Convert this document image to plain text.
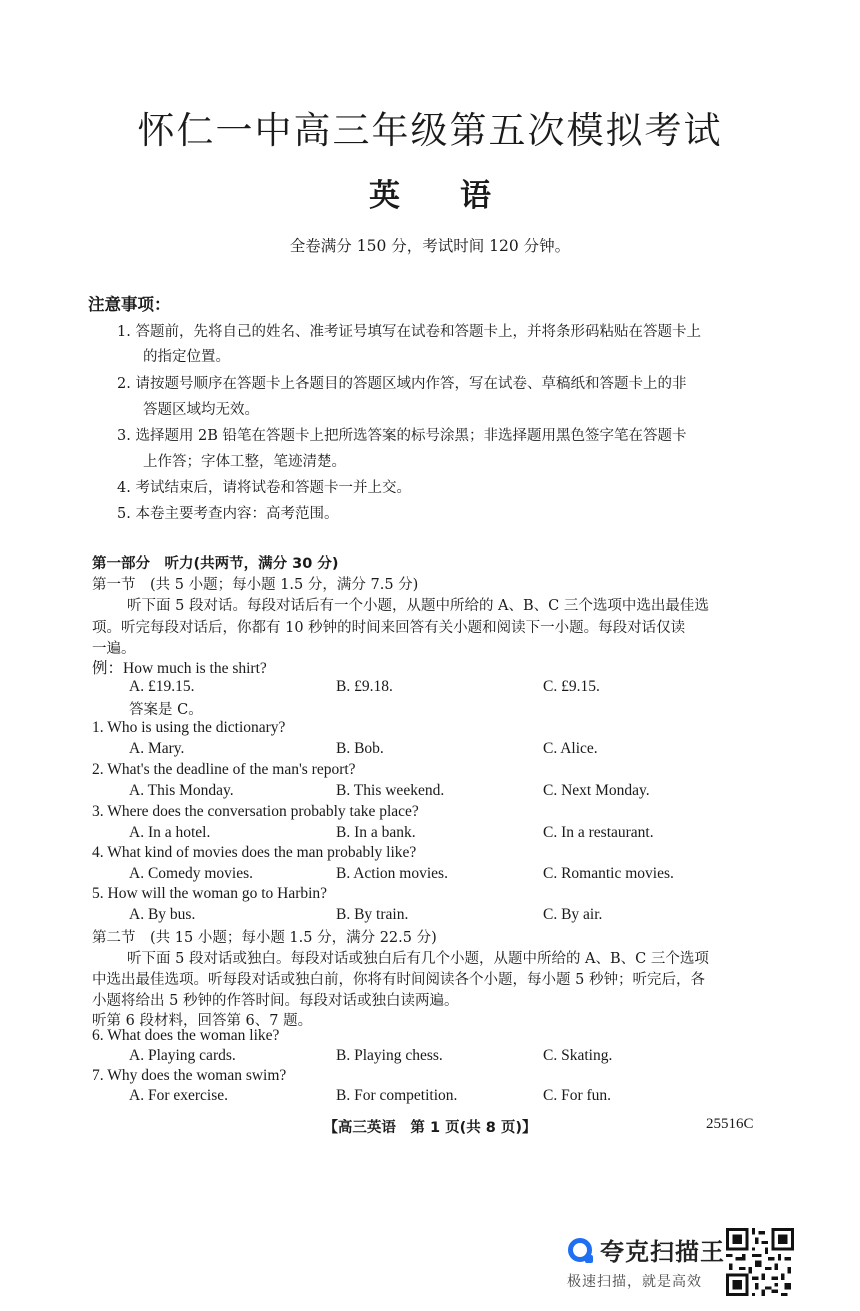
怀仁一中高三年级第五次模拟考试
英语
全卷满分 150 分，考试时间 120 分钟。
注意事项：
1. 答题前，先将自己的姓名、准考证号填写在试卷和答题卡上，并将条形码粘贴在答题卡上
的指定位置。
2. 请按题号顺序在答题卡上各题目的答题区域内作答，写在试卷、草稿纸和答题卡上的非
答题区域均无效。
3. 选择题用 2B 铅笔在答题卡上把所选答案的标号涂黑；非选择题用黑色签字笔在答题卡
上作答；字体工整，笔迹清楚。
4. 考试结束后，请将试卷和答题卡一并上交。
5. 本卷主要考查内容：高考范围。
第一部分　听力(共两节，满分 30 分)
第一节　(共 5 小题；每小题 1.5 分，满分 7.5 分)
听下面 5 段对话。每段对话后有一个小题，从题中所给的 A、B、C 三个选项中选出最佳选
项。听完每段对话后，你都有 10 秒钟的时间来回答有关小题和阅读下一小题。每段对话仅读
一遍。
例：How much is the shirt?
A. £19.15.	B. £9.18.	C. £9.15.
答案是 C。
1. Who is using the dictionary?
A. Mary.	B. Bob.	C. Alice.
2. What's the deadline of the man's report?
A. This Monday.	B. This weekend.	C. Next Monday.
3. Where does the conversation probably take place?
A. In a hotel.	B. In a bank.	C. In a restaurant.
4. What kind of movies does the man probably like?
A. Comedy movies.	B. Action movies.	C. Romantic movies.
5. How will the woman go to Harbin?
A. By bus.	B. By train.	C. By air.
第二节　(共 15 小题；每小题 1.5 分，满分 22.5 分)
听下面 5 段对话或独白。每段对话或独白后有几个小题，从题中所给的 A、B、C 三个选项
中选出最佳选项。听每段对话或独白前，你将有时间阅读各个小题，每小题 5 秒钟；听完后，各
小题将给出 5 秒钟的作答时间。每段对话或独白读两遍。
听第 6 段材料，回答第 6、7 题。
6. What does the woman like?
A. Playing cards.	B. Playing chess.	C. Skating.
7. Why does the woman swim?
A. For exercise.	B. For competition.	C. For fun.
【高三英语　第 1 页(共 8 页)】	25516C
夸克扫描王
极速扫描，就是高效
